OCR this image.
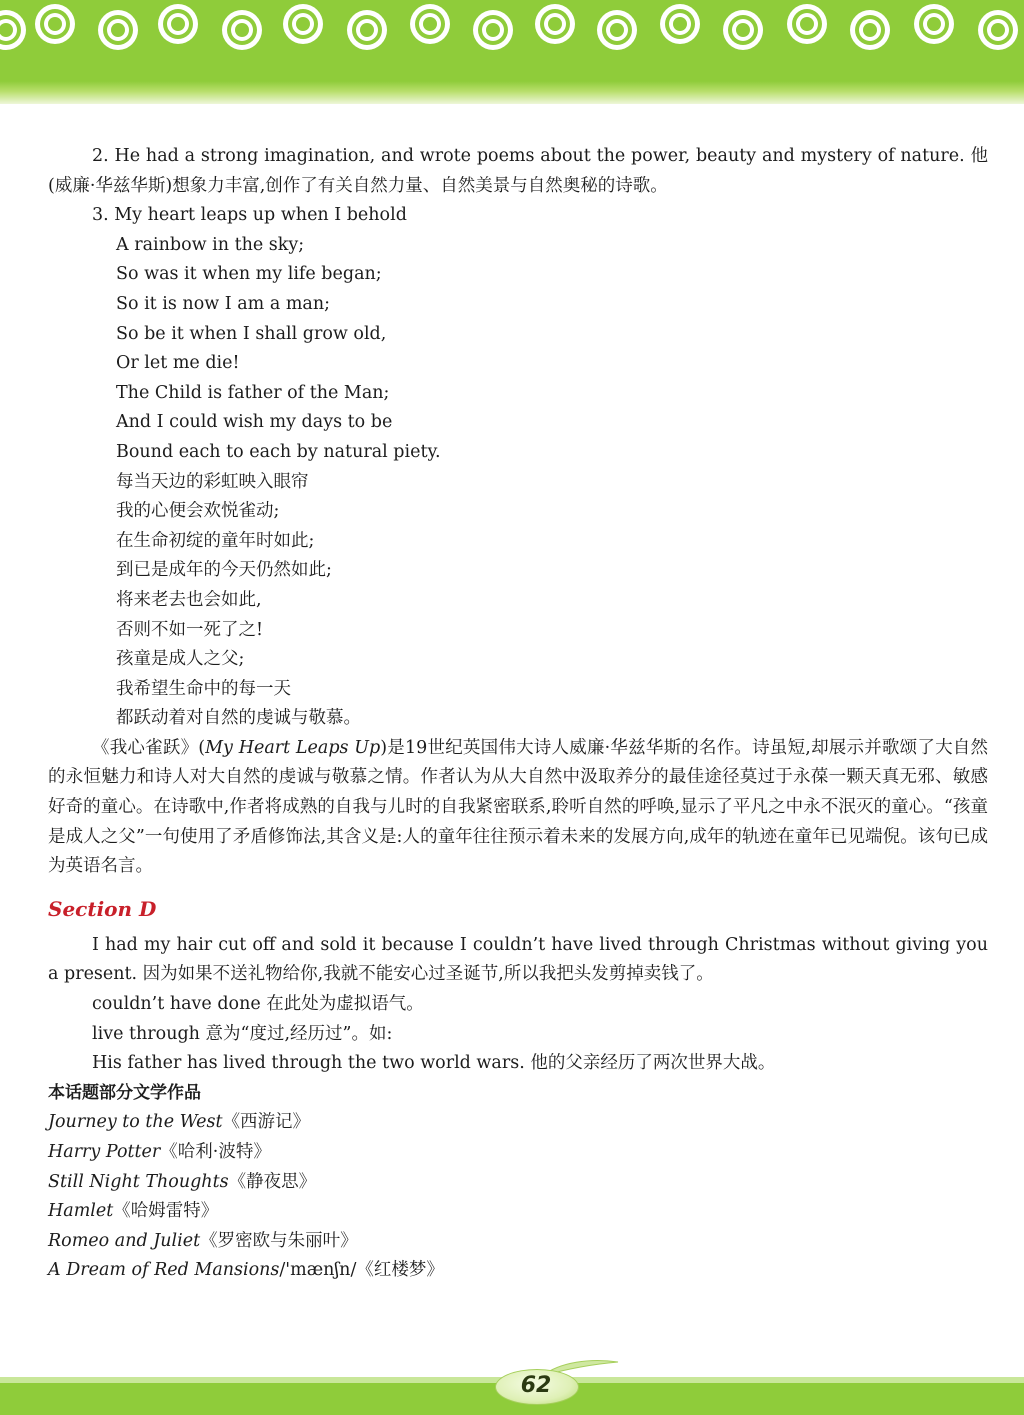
2. He had a strong imagination, and wrote poems about the power, beauty and mystery of nature. 他(威廉·华兹华斯)想象力丰富,创作了有关自然力量、自然美景与自然奥秘的诗歌。

3. My heart leaps up when I behold

A rainbow in the sky;

So was it when my life began;

So it is now I am a man;

So be it when I shall grow old,

Or let me die!

The Child is father of the Man;

And I could wish my days to be

Bound each to each by natural piety.

每当天边的彩虹映入眼帘

我的心便会欢悦雀动;

在生命初绽的童年时如此;

到已是成年的今天仍然如此;

将来老去也会如此,

否则不如一死了之!

孩童是成人之父;

我希望生命中的每一天

都跃动着对自然的虔诚与敬慕。

《我心雀跃》(My Heart Leaps Up)是19世纪英国伟大诗人威廉·华兹华斯的名作。诗虽短,却展示并歌颂了大自然的永恒魅力和诗人对大自然的虔诚与敬慕之情。作者认为从大自然中汲取养分的最佳途径莫过于永葆一颗天真无邪、敏感好奇的童心。在诗歌中,作者将成熟的自我与儿时的自我紧密联系,聆听自然的呼唤,显示了平凡之中永不泯灭的童心。“孩童是成人之父”一句使用了矛盾修饰法,其含义是:人的童年往往预示着未来的发展方向,成年的轨迹在童年已见端倪。该句已成为英语名言。

Section D

I had my hair cut off and sold it because I couldn’t have lived through Christmas without giving you a present. 因为如果不送礼物给你,我就不能安心过圣诞节,所以我把头发剪掉卖钱了。

couldn’t have done 在此处为虚拟语气。

live through 意为“度过,经历过”。如:

His father has lived through the two world wars. 他的父亲经历了两次世界大战。

本话题部分文学作品

Journey to the West《西游记》

Harry Potter《哈利·波特》

Still Night Thoughts《静夜思》

Hamlet《哈姆雷特》

Romeo and Juliet《罗密欧与朱丽叶》

A Dream of Red Mansions/'mænʃn/《红楼梦》

62
